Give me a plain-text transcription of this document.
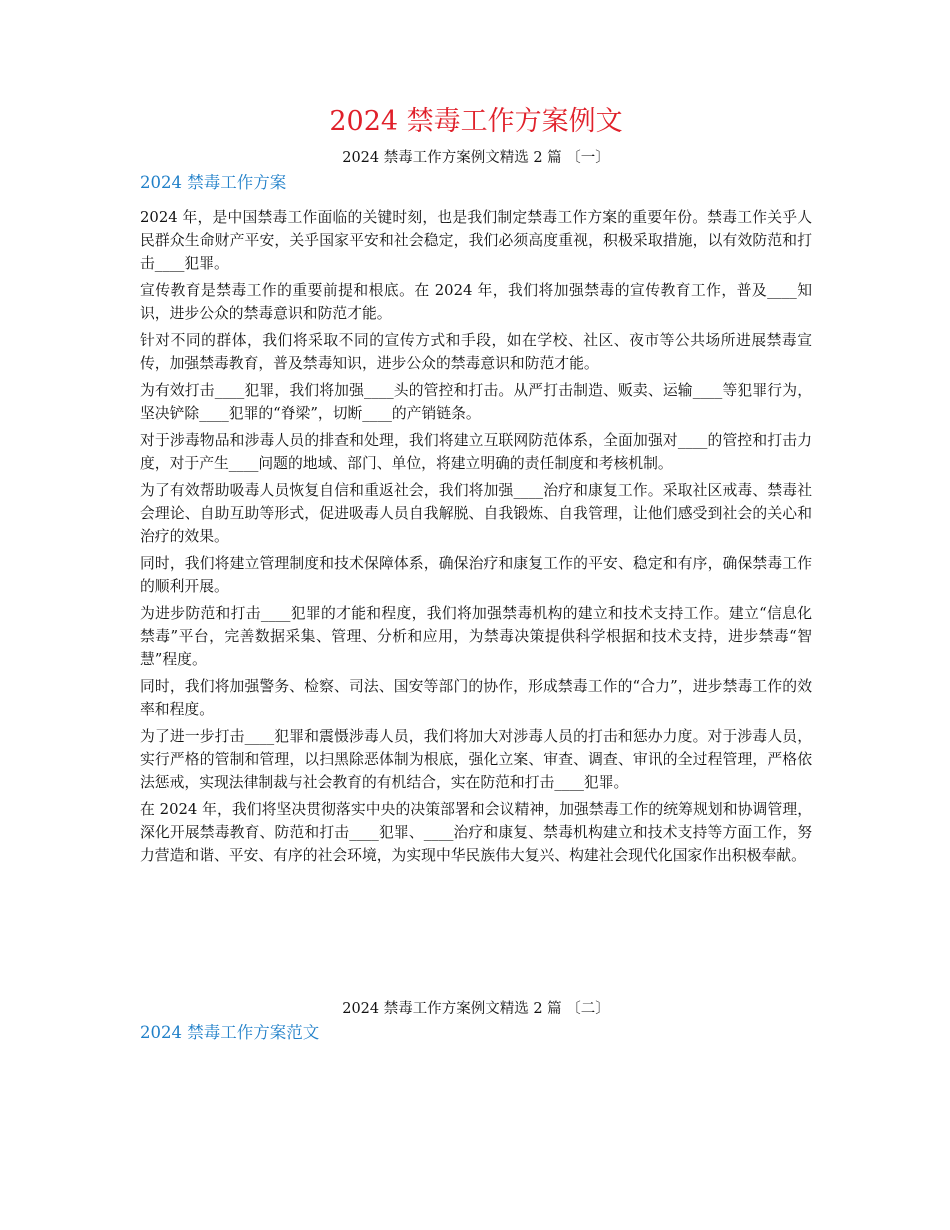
2024 禁毒工作方案例文

2024 禁毒工作方案例文精选 2 篇 〔一〕

2024 禁毒工作方案

2024 年，是中国禁毒工作面临的关键时刻，也是我们制定禁毒工作方案的重要年份。禁毒工作关乎人民群众生命财产平安，关乎国家平安和社会稳定，我们必须高度重视，积极采取措施，以有效防范和打击____犯罪。

宣传教育是禁毒工作的重要前提和根底。在 2024 年，我们将加强禁毒的宣传教育工作，普及____知识，进步公众的禁毒意识和防范才能。

针对不同的群体，我们将采取不同的宣传方式和手段，如在学校、社区、夜市等公共场所进展禁毒宣传，加强禁毒教育，普及禁毒知识，进步公众的禁毒意识和防范才能。

为有效打击____犯罪，我们将加强____头的管控和打击。从严打击制造、贩卖、运输____等犯罪行为，坚决铲除____犯罪的“脊梁”，切断____的产销链条。

对于涉毒物品和涉毒人员的排查和处理，我们将建立互联网防范体系，全面加强对____的管控和打击力度，对于产生____问题的地域、部门、单位，将建立明确的责任制度和考核机制。

为了有效帮助吸毒人员恢复自信和重返社会，我们将加强____治疗和康复工作。采取社区戒毒、禁毒社会理论、自助互助等形式，促进吸毒人员自我解脱、自我锻炼、自我管理，让他们感受到社会的关心和治疗的效果。

同时，我们将建立管理制度和技术保障体系，确保治疗和康复工作的平安、稳定和有序，确保禁毒工作的顺利开展。

为进步防范和打击____犯罪的才能和程度，我们将加强禁毒机构的建立和技术支持工作。建立“信息化禁毒”平台，完善数据采集、管理、分析和应用，为禁毒决策提供科学根据和技术支持，进步禁毒“智慧”程度。

同时，我们将加强警务、检察、司法、国安等部门的协作，形成禁毒工作的“合力”，进步禁毒工作的效率和程度。

为了进一步打击____犯罪和震慑涉毒人员，我们将加大对涉毒人员的打击和惩办力度。对于涉毒人员，实行严格的管制和管理，以扫黑除恶体制为根底，强化立案、审查、调查、审讯的全过程管理，严格依法惩戒，实现法律制裁与社会教育的有机结合，实在防范和打击____犯罪。

在 2024 年，我们将坚决贯彻落实中央的决策部署和会议精神，加强禁毒工作的统筹规划和协调管理，深化开展禁毒教育、防范和打击____犯罪、____治疗和康复、禁毒机构建立和技术支持等方面工作，努力营造和谐、平安、有序的社会环境，为实现中华民族伟大复兴、构建社会现代化国家作出积极奉献。

2024 禁毒工作方案例文精选 2 篇 〔二〕

2024 禁毒工作方案范文
